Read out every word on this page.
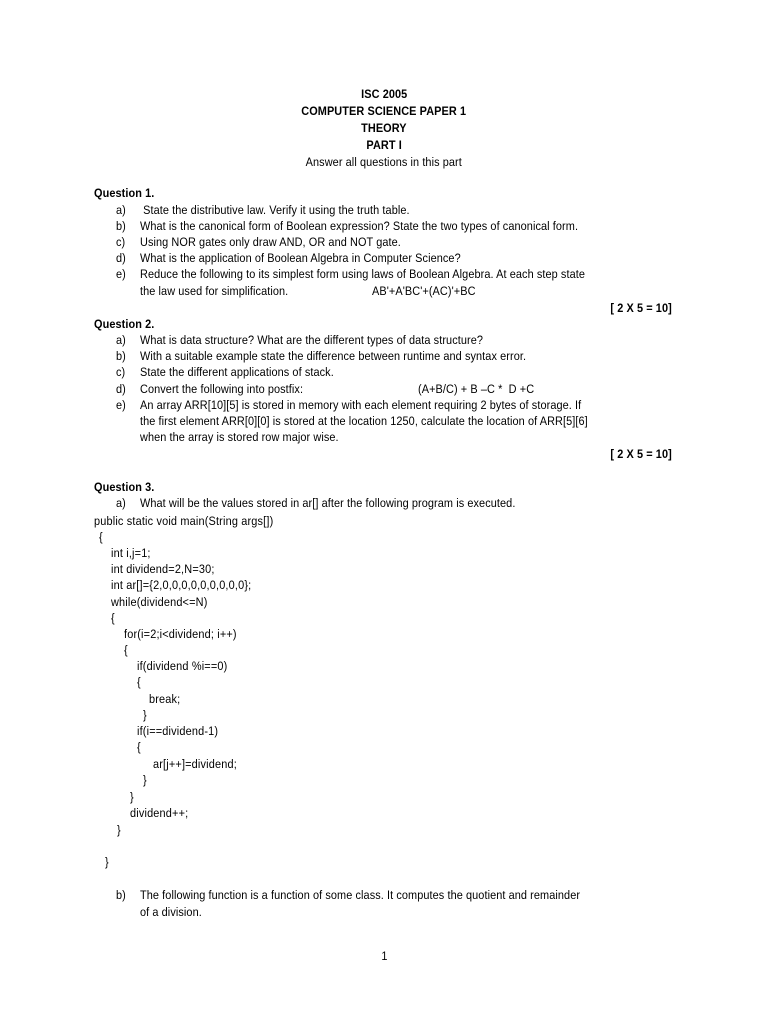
ISC 2005
COMPUTER SCIENCE PAPER 1
THEORY
PART I
Answer all questions in this part
Question 1.
a) State the distributive law. Verify it using the truth table.
b) What is the canonical form of Boolean expression? State the two types of canonical form.
c) Using NOR gates only draw AND, OR and NOT gate.
d) What is the application of Boolean Algebra in Computer Science?
e) Reduce the following to its simplest form using laws of Boolean Algebra. At each step state
the law used for simplification.	AB'+A'BC'+(AC)'+BC
[ 2 X 5 = 10]
Question 2.
a) What is data structure? What are the different types of data structure?
b) With a suitable example state the difference between runtime and syntax error.
c) State the different applications of stack.
d) Convert the following into postfix:	(A+B/C) + B –C *  D +C
e) An array ARR[10][5] is stored in memory with each element requiring 2 bytes of storage. If
the first element ARR[0][0] is stored at the location 1250, calculate the location of ARR[5][6]
when the array is stored row major wise.
[ 2 X 5 = 10]
Question 3.
a) What will be the values stored in ar[] after the following program is executed.
public static void main(String args[])
{
int i,j=1;
int dividend=2,N=30;
int ar[]={2,0,0,0,0,0,0,0,0,0};
while(dividend<=N)
{
for(i=2;i<dividend; i++)
{
if(dividend %i==0)
{
break;
}
if(i==dividend-1)
{
ar[j++]=dividend;
}
}
dividend++;
}
}
b) The following function is a function of some class. It computes the quotient and remainder
of a division.
1
